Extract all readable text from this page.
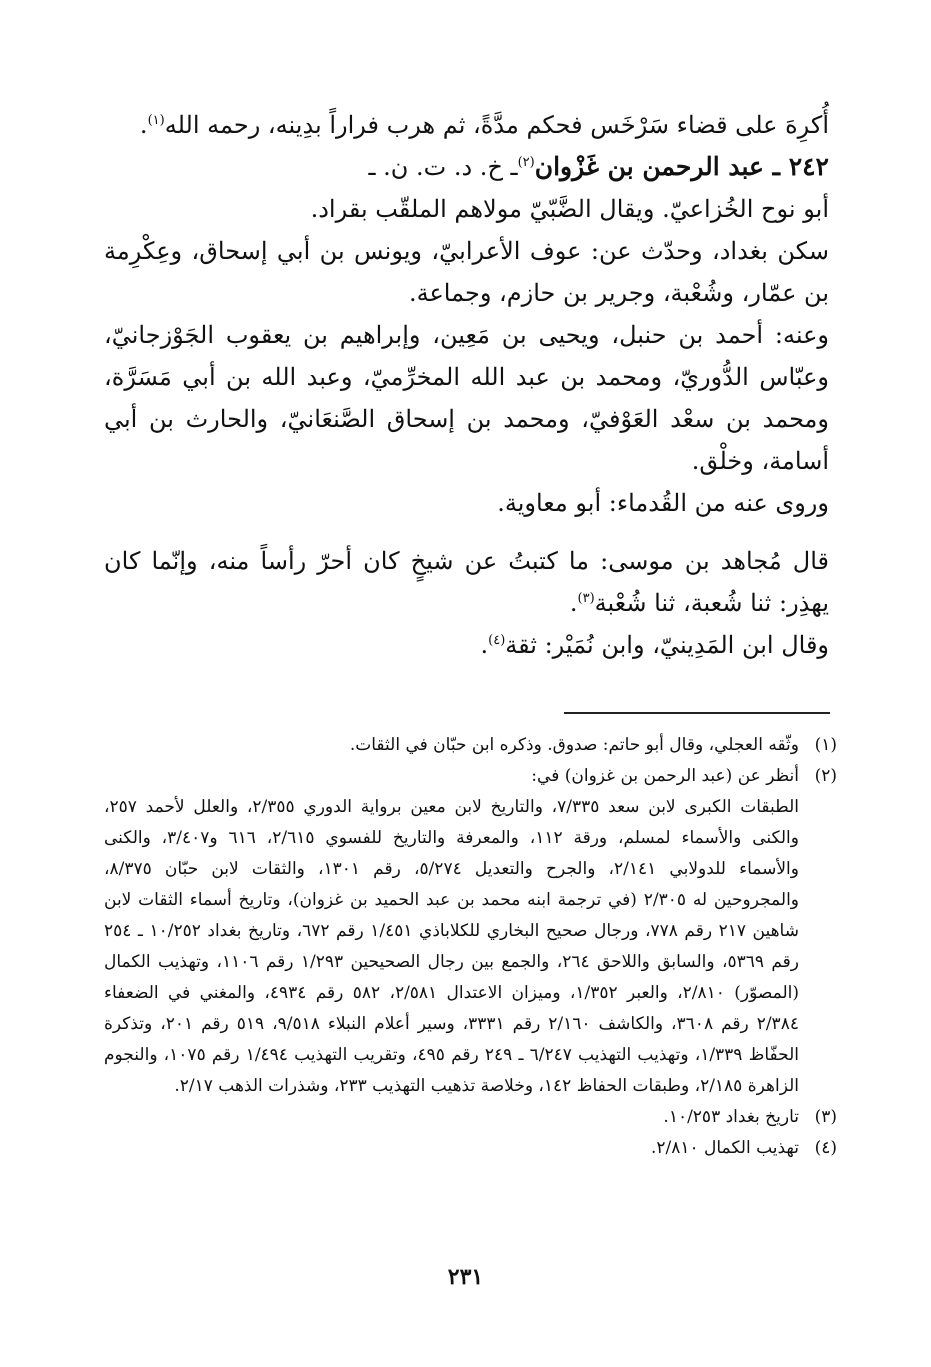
أُكرِهَ على قضاء سَرْخَس فحكم مدَّةً، ثم هرب فراراً بدِينه، رحمه الله$^{(١)}$.

٢٤٢ ـ عبد الرحمن بن غَزْوان$^{(٢)}$ـ خ. د. ت. ن. ـ

أبو نوح الخُزاعيّ. ويقال الضَّبّيّ مولاهم الملقّب بقراد.

سكن بغداد، وحدّث عن: عوف الأعرابيّ، ويونس بن أبي إسحاق، وعِكْرِمة بن عمّار، وشُعْبة، وجرير بن حازم، وجماعة.

وعنه: أحمد بن حنبل، ويحيى بن مَعِين، وإبراهيم بن يعقوب الجَوْزجانيّ، وعبّاس الدُّوريّ، ومحمد بن عبد الله المخرِّميّ، وعبد الله بن أبي مَسَرَّة، ومحمد بن سعْد العَوْفيّ، ومحمد بن إسحاق الصَّنعَانيّ، والحارث بن أبي أسامة، وخلْق.

وروى عنه من القُدماء: أبو معاوية.

قال مُجاهد بن موسى: ما كتبتُ عن شيخٍ كان أحرّ رأساً منه، وإنّما كان يهذِر: ثنا شُعبة، ثنا شُعْبة$^{(٣)}$.

وقال ابن المَدِينيّ، وابن نُمَيْر: ثقة$^{(٤)}$.

(١)
وثّقه العجلي، وقال أبو حاتم: صدوق. وذكره ابن حبّان في الثقات.
(٢)
أنظر عن (عبد الرحمن بن غزوان) في:

الطبقات الكبرى لابن سعد ٧/٣٣٥، والتاريخ لابن معين برواية الدوري ٢/٣٥٥، والعلل لأحمد ٢٥٧، والكنى والأسماء لمسلم، ورقة ١١٢، والمعرفة والتاريخ للفسوي ٢/٦١٥، ٦١٦ و٣/٤٠٧، والكنى والأسماء للدولابي ٢/١٤١، والجرح والتعديل ٥/٢٧٤، رقم ١٣٠١، والثقات لابن حبّان ٨/٣٧٥، والمجروحين له ٢/٣٠٥ (في ترجمة ابنه محمد بن عبد الحميد بن غزوان)، وتاريخ أسماء الثقات لابن شاهين ٢١٧ رقم ٧٧٨، ورجال صحيح البخاري للكلاباذي ١/٤٥١ رقم ٦٧٢، وتاريخ بغداد ١٠/٢٥٢ ـ ٢٥٤ رقم ٥٣٦٩، والسابق واللاحق ٢٦٤، والجمع بين رجال الصحيحين ١/٢٩٣ رقم ١١٠٦، وتهذيب الكمال (المصوّر) ٢/٨١٠، والعبر ١/٣٥٢، وميزان الاعتدال ٢/٥٨١، ٥٨٢ رقم ٤٩٣٤، والمغني في الضعفاء ٢/٣٨٤ رقم ٣٦٠٨، والكاشف ٢/١٦٠ رقم ٣٣٣١، وسير أعلام النبلاء ٩/٥١٨، ٥١٩ رقم ٢٠١، وتذكرة الحفّاظ ١/٣٣٩، وتهذيب التهذيب ٦/٢٤٧ ـ ٢٤٩ رقم ٤٩٥، وتقريب التهذيب ١/٤٩٤ رقم ١٠٧٥، والنجوم الزاهرة ٢/١٨٥، وطبقات الحفاظ ١٤٢، وخلاصة تذهيب التهذيب ٢٣٣، وشذرات الذهب ٢/١٧.

(٣)
تاريخ بغداد ١٠/٢٥٣.
(٤)
تهذيب الكمال ٢/٨١٠.
٢٣١
